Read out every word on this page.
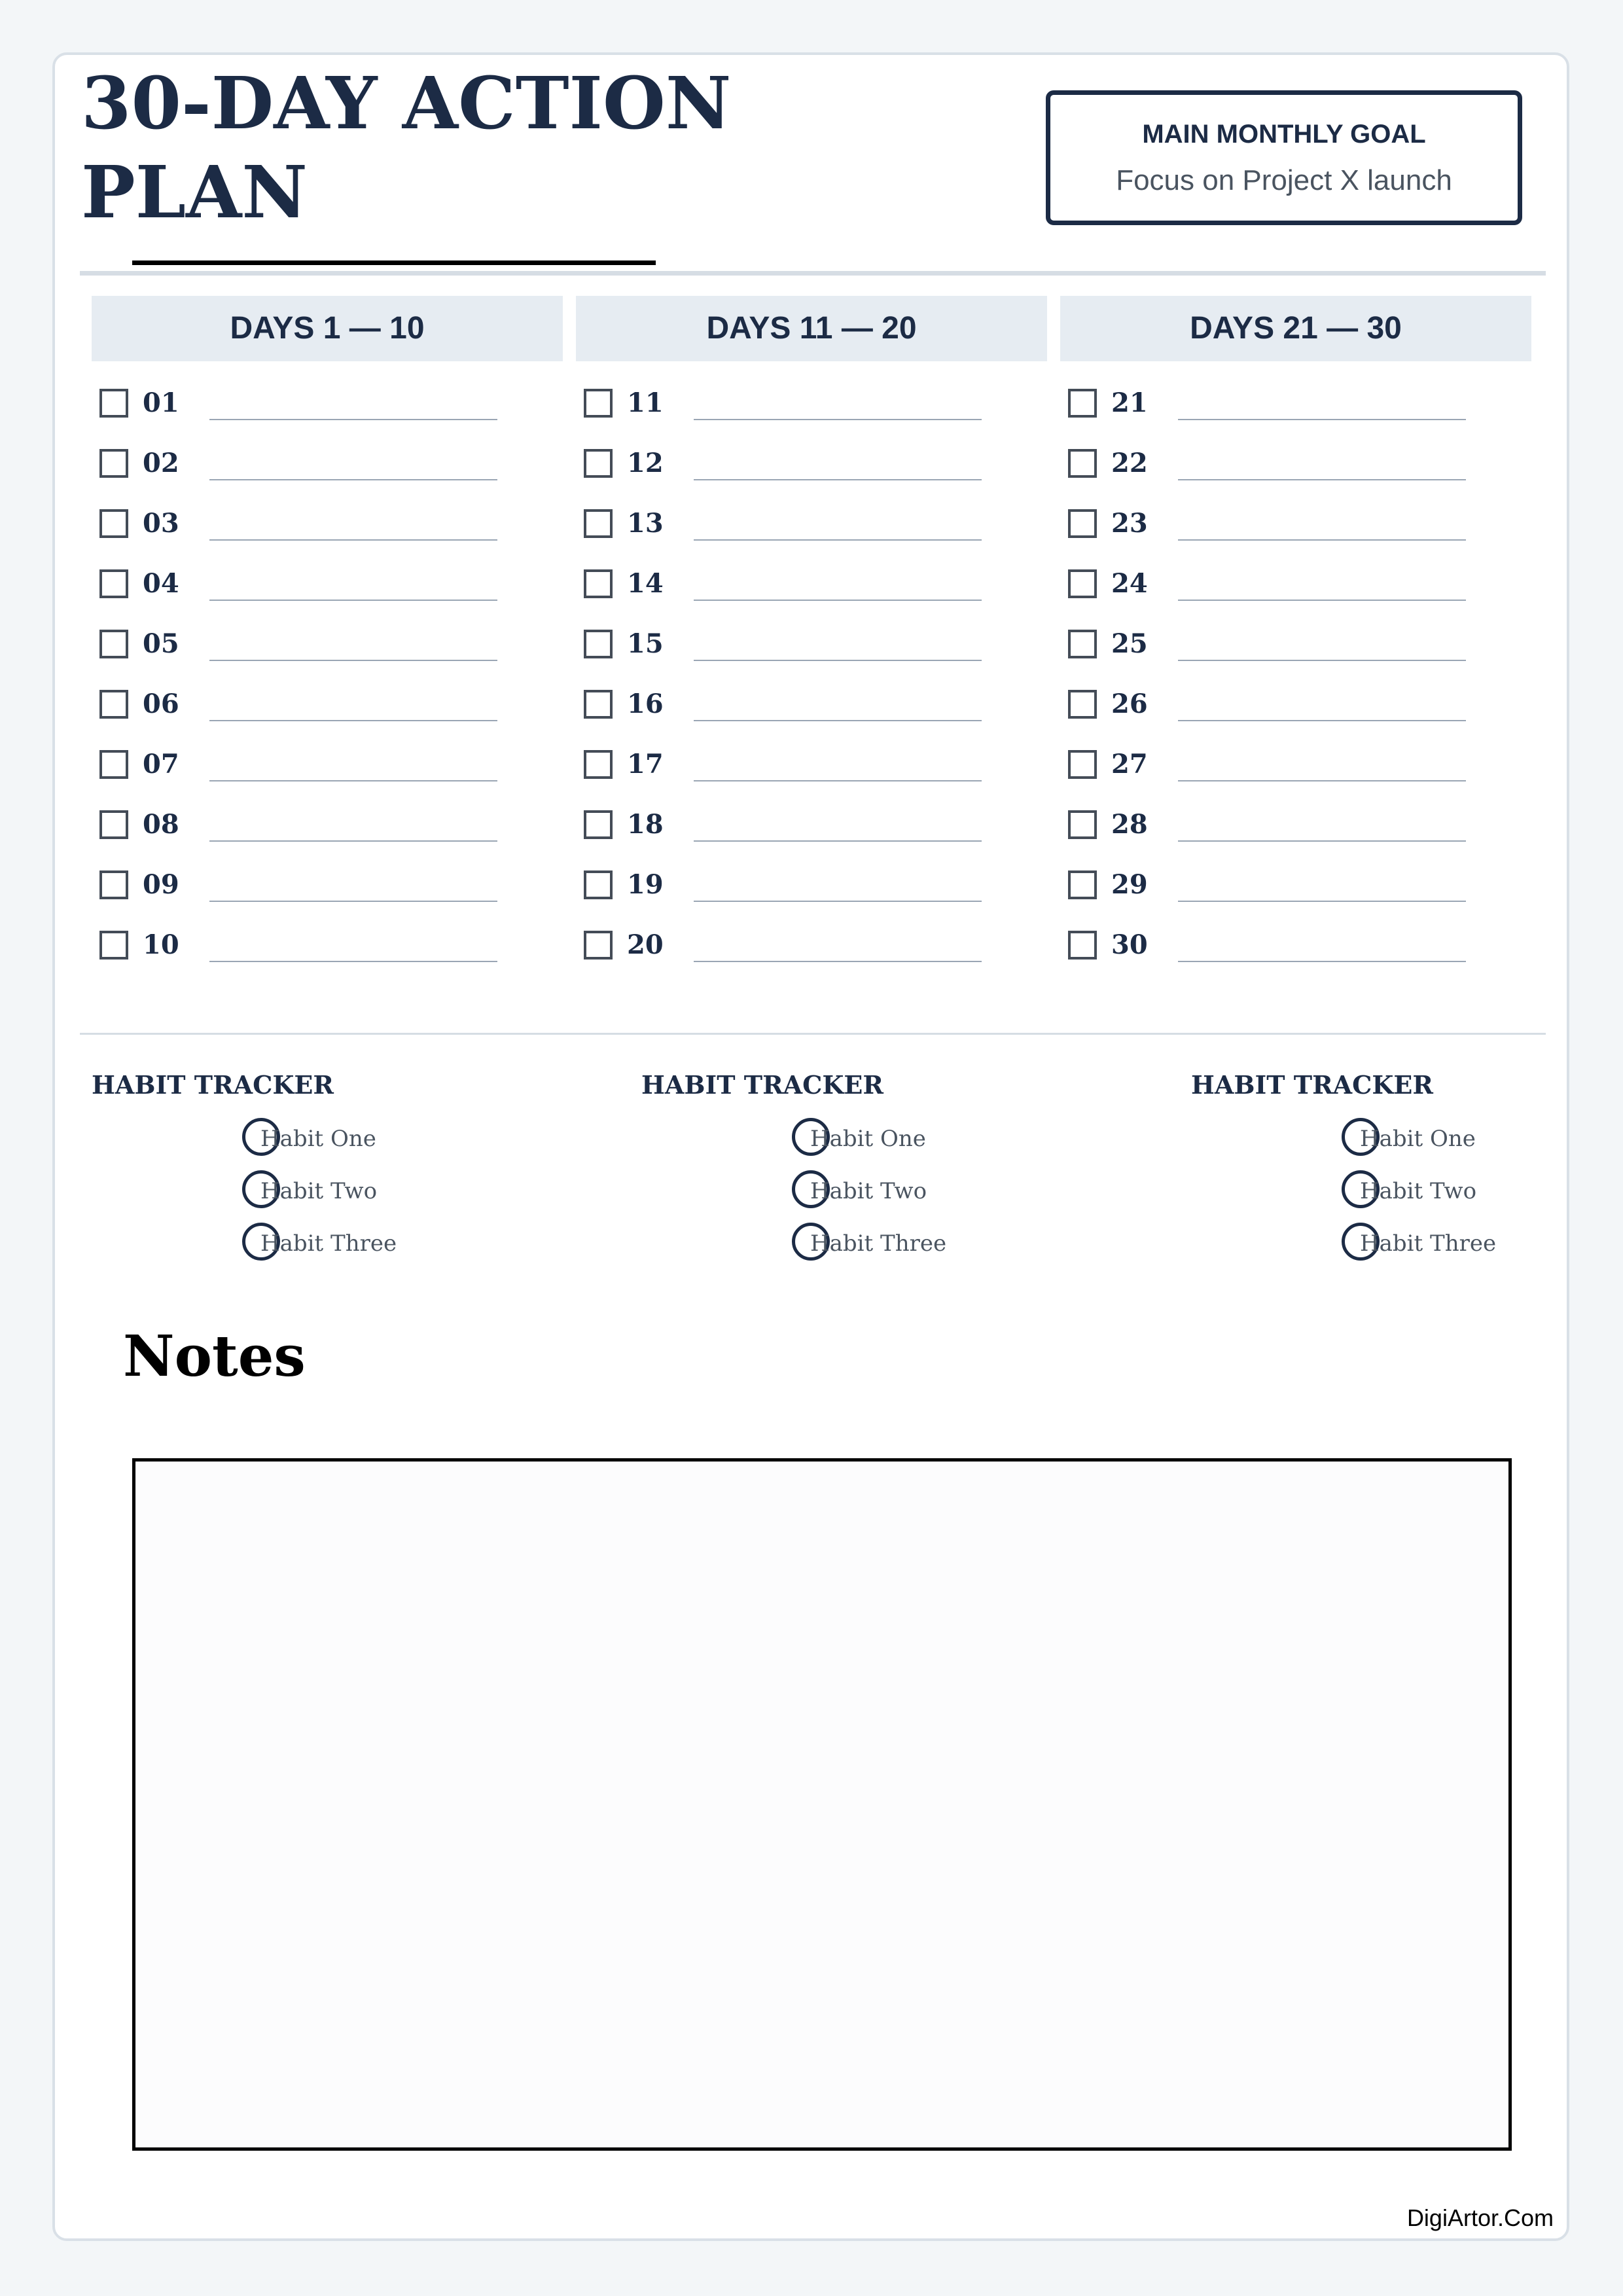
30-DAY ACTION PLAN
MAIN MONTHLY GOAL
Focus on Project X launch
DAYS 1 — 10
01
02
03
04
05
06
07
08
09
10
DAYS 11 — 20
11
12
13
14
15
16
17
18
19
20
DAYS 21 — 30
21
22
23
24
25
26
27
28
29
30
HABIT TRACKER
Habit One
Habit Two
Habit Three
HABIT TRACKER
Habit One
Habit Two
Habit Three
HABIT TRACKER
Habit One
Habit Two
Habit Three
Notes
DigiArtor.Com
